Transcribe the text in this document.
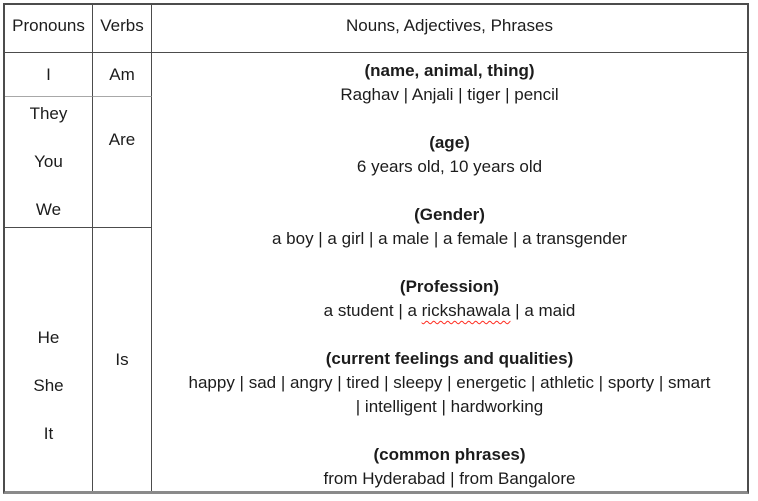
Pronouns Verbs	Nouns, Adjectives, Phrases
I	Am
They
You
We
Are
He
She
It
Is
(name, animal, thing)
Raghav | Anjali | tiger | pencil
(age)
6 years old, 10 years old
(Gender)
a boy | a girl | a male | a female | a transgender
(Profession)
a student | a rickshawala | a maid
(current feelings and qualities)
happy | sad | angry | tired | sleepy | energetic | athletic | sporty | smart
| intelligent | hardworking
(common phrases)
from Hyderabad | from Bangalore
